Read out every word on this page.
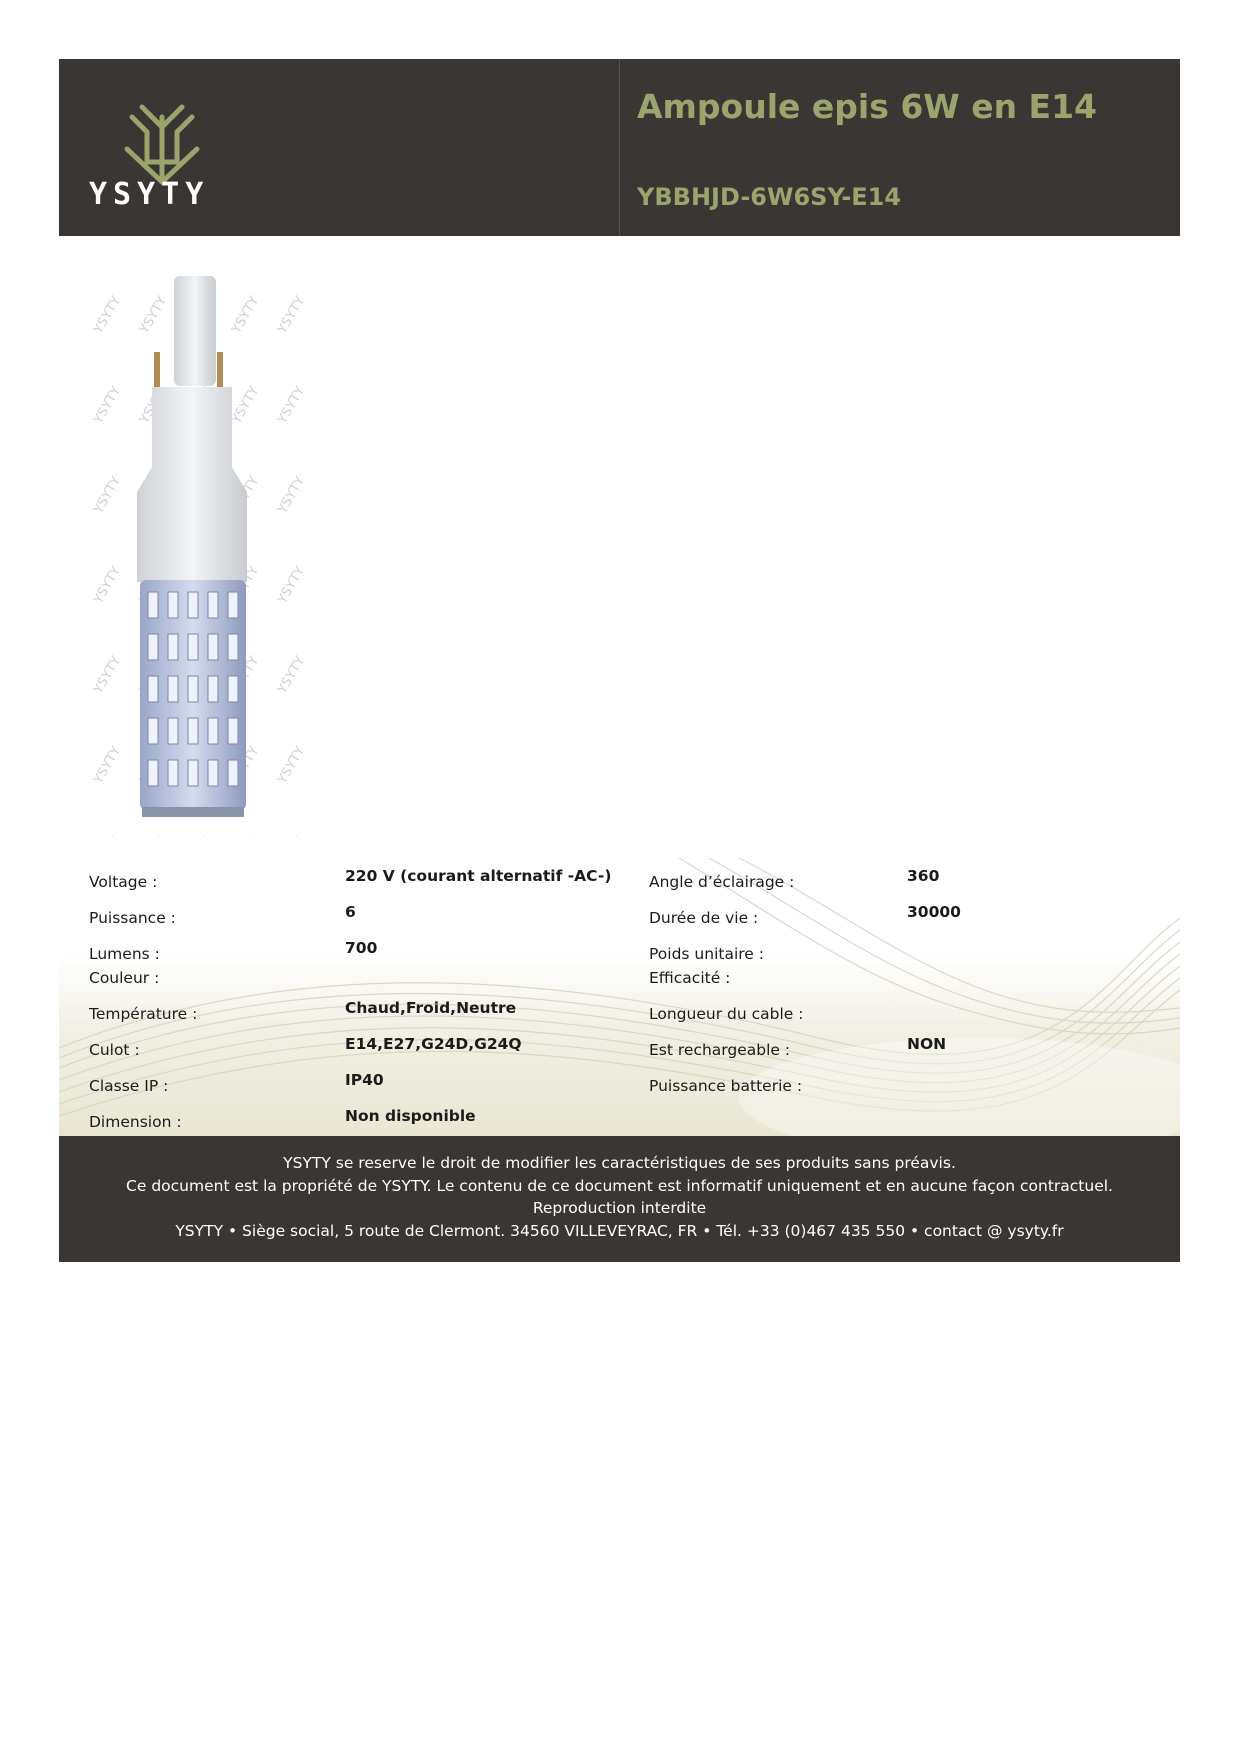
YSYTY
Ampoule epis 6W en E14
YBBHJD-6W6SY-E14
Voltage :	220 V (courant alternatif -AC-)
Puissance :	6
Lumens :	700
Couleur :
Température :	Chaud,Froid,Neutre
Culot :	E14,E27,G24D,G24Q
Classe IP :	IP40
Dimension :	Non disponible
Angle d’éclairage :	360
Durée de vie :	30000
Poids unitaire :
Efficacité :
Longueur du cable :
Est rechargeable :	NON
Puissance batterie :
YSYTY se reserve le droit de modifier les caractéristiques de ses produits sans préavis.
Ce document est la propriété de YSYTY. Le contenu de ce document est informatif uniquement et en aucune façon contractuel. Reproduction interdite
YSYTY • Siège social, 5 route de Clermont. 34560 VILLEVEYRAC, FR • Tél. +33 (0)467 435 550 • contact @ ysyty.fr
